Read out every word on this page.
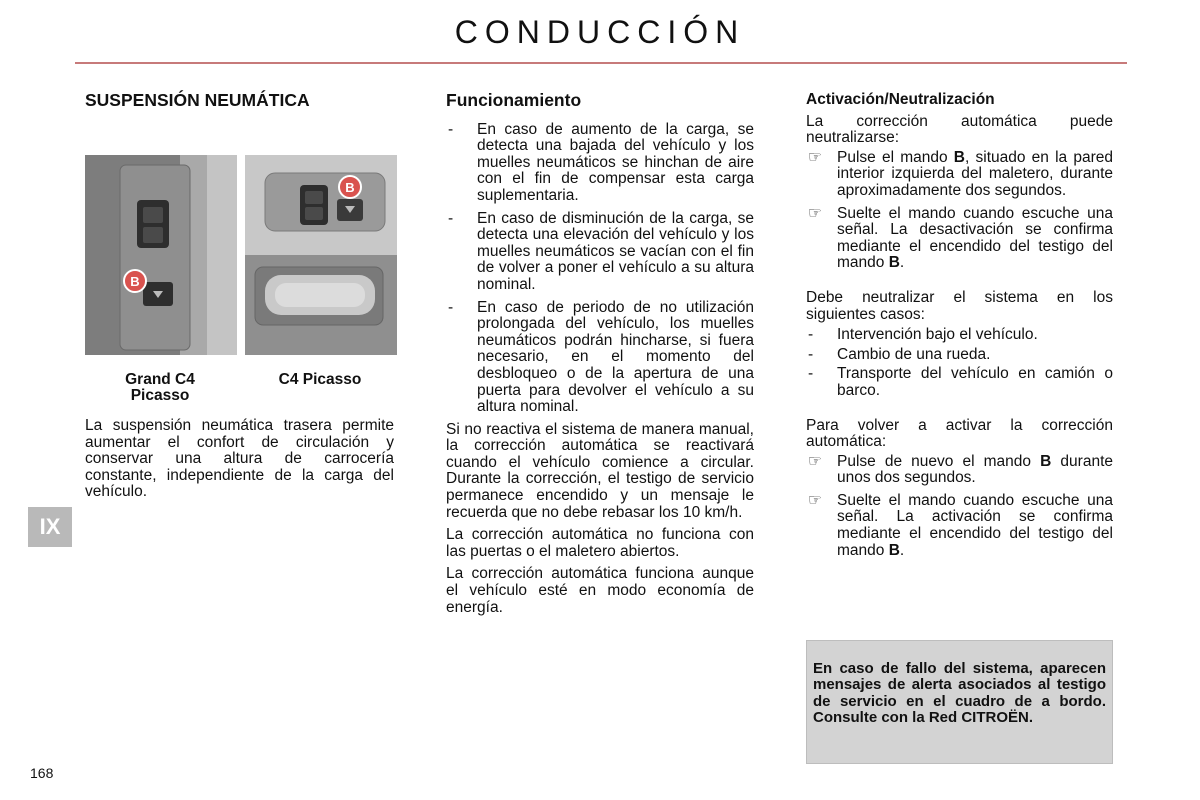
CONDUCCIÓN
IX
168
SUSPENSIÓN NEUMÁTICA
B
B
Grand C4 Picasso
C4 Picasso

La suspensión neumática trasera permite aumentar el confort de circulación y conservar una altura de carrocería constante, independiente de la carga del vehículo.

Funcionamiento
- En caso de aumento de la carga, se detecta una bajada del vehículo y los muelles neumáticos se hinchan de aire con el fin de compensar esta carga suplementaria.
- En caso de disminución de la carga, se detecta una elevación del vehículo y los muelles neumáticos se vacían con el fin de volver a poner el vehículo a su altura nominal.
- En caso de periodo de no utilización prolongada del vehículo, los muelles neumáticos podrán hincharse, si fuera necesario, en el momento del desbloqueo o de la apertura de una puerta para devolver el vehículo a su altura nominal.

Si no reactiva el sistema de manera manual, la corrección automática se reactivará cuando el vehículo comience a circular. Durante la corrección, el testigo de servicio permanece encendido y un mensaje le recuerda que no debe rebasar los 10 km/h.

La corrección automática no funciona con las puertas o el maletero abiertos.

La corrección automática funciona aunque el vehículo esté en modo economía de energía.

Activación/Neutralización

La corrección automática puede neutralizarse:

☞ Pulse el mando B, situado en la pared interior izquierda del maletero, durante aproximadamente dos segundos.
☞ Suelte el mando cuando escuche una señal. La desactivación se confirma mediante el encendido del testigo del mando B.

Debe neutralizar el sistema en los siguientes casos:

- Intervención bajo el vehículo.
- Cambio de una rueda.
- Transporte del vehículo en camión o barco.

Para volver a activar la corrección automática:

☞ Pulse de nuevo el mando B durante unos dos segundos.
☞ Suelte el mando cuando escuche una señal. La activación se confirma mediante el encendido del testigo del mando B.
En caso de fallo del sistema, aparecen mensajes de alerta asociados al testigo de servicio en el cuadro de a bordo. Consulte con la Red CITROËN.
